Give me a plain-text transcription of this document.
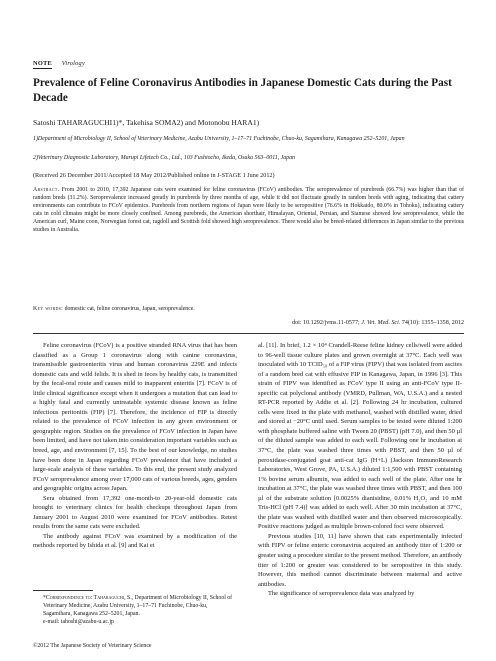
NOTE Virology
Prevalence of Feline Coronavirus Antibodies in Japanese Domestic Cats during the Past Decade
Satoshi TAHARAGUCHI1)*, Takehisa SOMA2) and Motonobu HARA1)
1)Department of Microbiology II, School of Veterinary Medicine, Azabu University, 1–17–71 Fuchinobe, Chuo-ku, Sagamihara, Kanagawa 252–5201, Japan
2)Veterinary Diagnostic Laboratory, Marupi Lifetech Co., Ltd., 103 Fushiocho, Ikeda, Osaka 563–0011, Japan
(Received 26 December 2011/Accepted 18 May 2012/Published online in J-STAGE 1 June 2012)
Abstract. From 2001 to 2010, 17,392 Japanese cats were examined for feline coronavirus (FCoV) antibodies. The seroprevalence of purebreds (66.7%) was higher than that of random breds (31.2%). Seroprevalence increased greatly in purebreds by three months of age, while it did not fluctuate greatly in random breds with aging, indicating that cattery environments can contribute to FCoV epidemics. Purebreds from northern regions of Japan were likely to be seropositive (76.6% in Hokkaido, 80.0% in Tohoku), indicating cattery cats in cold climates might be more closely confined. Among purebreds, the American shorthair, Himalayan, Oriental, Persian, and Siamese showed low seroprevalence, while the American curl, Maine coon, Norwegian forest cat, ragdoll and Scottish fold showed high seroprevalence. There would also be breed-related differences in Japan similar to the previous studies in Australia.
Key words: domestic cat, feline coronavirus, Japan, seroprevalence.
doi: 10.1292/jvms.11-0577; J. Vet. Med. Sci. 74(10): 1355–1358, 2012

Feline coronavirus (FCoV) is a positive stranded RNA virus that has been classified as a Group 1 coronavirus along with canine coronavirus, transmissible gastroenteritis virus and human coronavirus 229E and infects domestic cats and wild felids. It is shed in feces by healthy cats, is transmitted by the fecal-oral route and causes mild to inapparent enteritis [7]. FCoV is of little clinical significance except when it undergoes a mutation that can lead to a highly fatal and currently untreatable systemic disease known as feline infectious peritonitis (FIP) [7]. Therefore, the incidence of FIP is directly related to the prevalence of FCoV infection in any given environment or geographic region. Studies on the prevalence of FCoV infection in Japan have been limited, and have not taken into consideration important variables such as breed, age, and environment [7, 15]. To the best of our knowledge, no studies have been done in Japan regarding FCoV prevalence that have included a large-scale analysis of these variables. To this end, the present study analyzed FCoV seroprevalence among over 17,000 cats of various breeds, ages, genders and geographic origins across Japan.

Sera obtained from 17,392 one-month-to 20-year-old domestic cats brought to veterinary clinics for health checkups throughout Japan from January 2001 to August 2010 were examined for FCoV antibodies. Retest results from the same cats were excluded.

The antibody against FCoV was examined by a modification of the methods reported by Ishida et al. [9] and Kai et

al. [11]. In brief, 1.2 × 10⁴ Crandell-Reese feline kidney cells/well were added to 96-well tissue culture plates and grown overnight at 37°C. Each well was inoculated with 10 TCID₅₀ of a FIP virus (FIPV) that was isolated from ascites of a random bred cat with effusive FIP in Kanagawa, Japan, in 1996 [3]. This strain of FIPV was identified as FCoV type II using an anti-FCoV type II-specific cat polyclonal antibody (VMRD, Pullman, WA, U.S.A.) and a nested RT-PCR reported by Addie et al. [2]. Following 24 hr incubation, cultured cells were fixed in the plate with methanol, washed with distilled water, dried and stored at −20°C until used. Serum samples to be tested were diluted 1:200 with phosphate buffered saline with Tween 20 (PBST) (pH 7.0), and then 50 µl of the diluted sample was added to each well. Following one hr incubation at 37°C, the plate was washed three times with PBST, and then 50 µl of peroxidase-conjugated goat anti-cat IgG (H+L) (Jackson ImmunoResearch Laboratories, West Grove, PA, U.S.A.) diluted 1:1,500 with PBST containing 1% bovine serum albumin, was added to each well of the plate. After one hr incubation at 37°C, the plate was washed three times with PBST, and then 100 µl of the substrate solution [0.0025% dianisidine, 0.01% H₂O₂ and 10 mM Tris-HCl (pH 7.4)] was added to each well. After 30 min incubation at 37°C, the plate was washed with distilled water and then observed microscopically. Positive reactions judged as multiple brown-colored foci were observed.

Previous studies [10, 11] have shown that cats experimentally infected with FIPV or feline enteric coronavirus acquired an antibody titer of 1:200 or greater using a procedure similar to the present method. Therefore, an antibody titer of 1:200 or greater was considered to be seropositive in this study. However, this method cannot discriminate between maternal and active antibodies.

The significance of seroprevalence data was analyzed by

*Correspondence to: Taharaguchi, S., Department of Microbiology II, School of Veterinary Medicine, Azabu University, 1–17–71 Fuchinobe, Chuo-ku, Sagamihara, Kanagawa 252–5201, Japan.
e-mail: tahoshi@azabu-u.ac.jp
©2012 The Japanese Society of Veterinary Science
